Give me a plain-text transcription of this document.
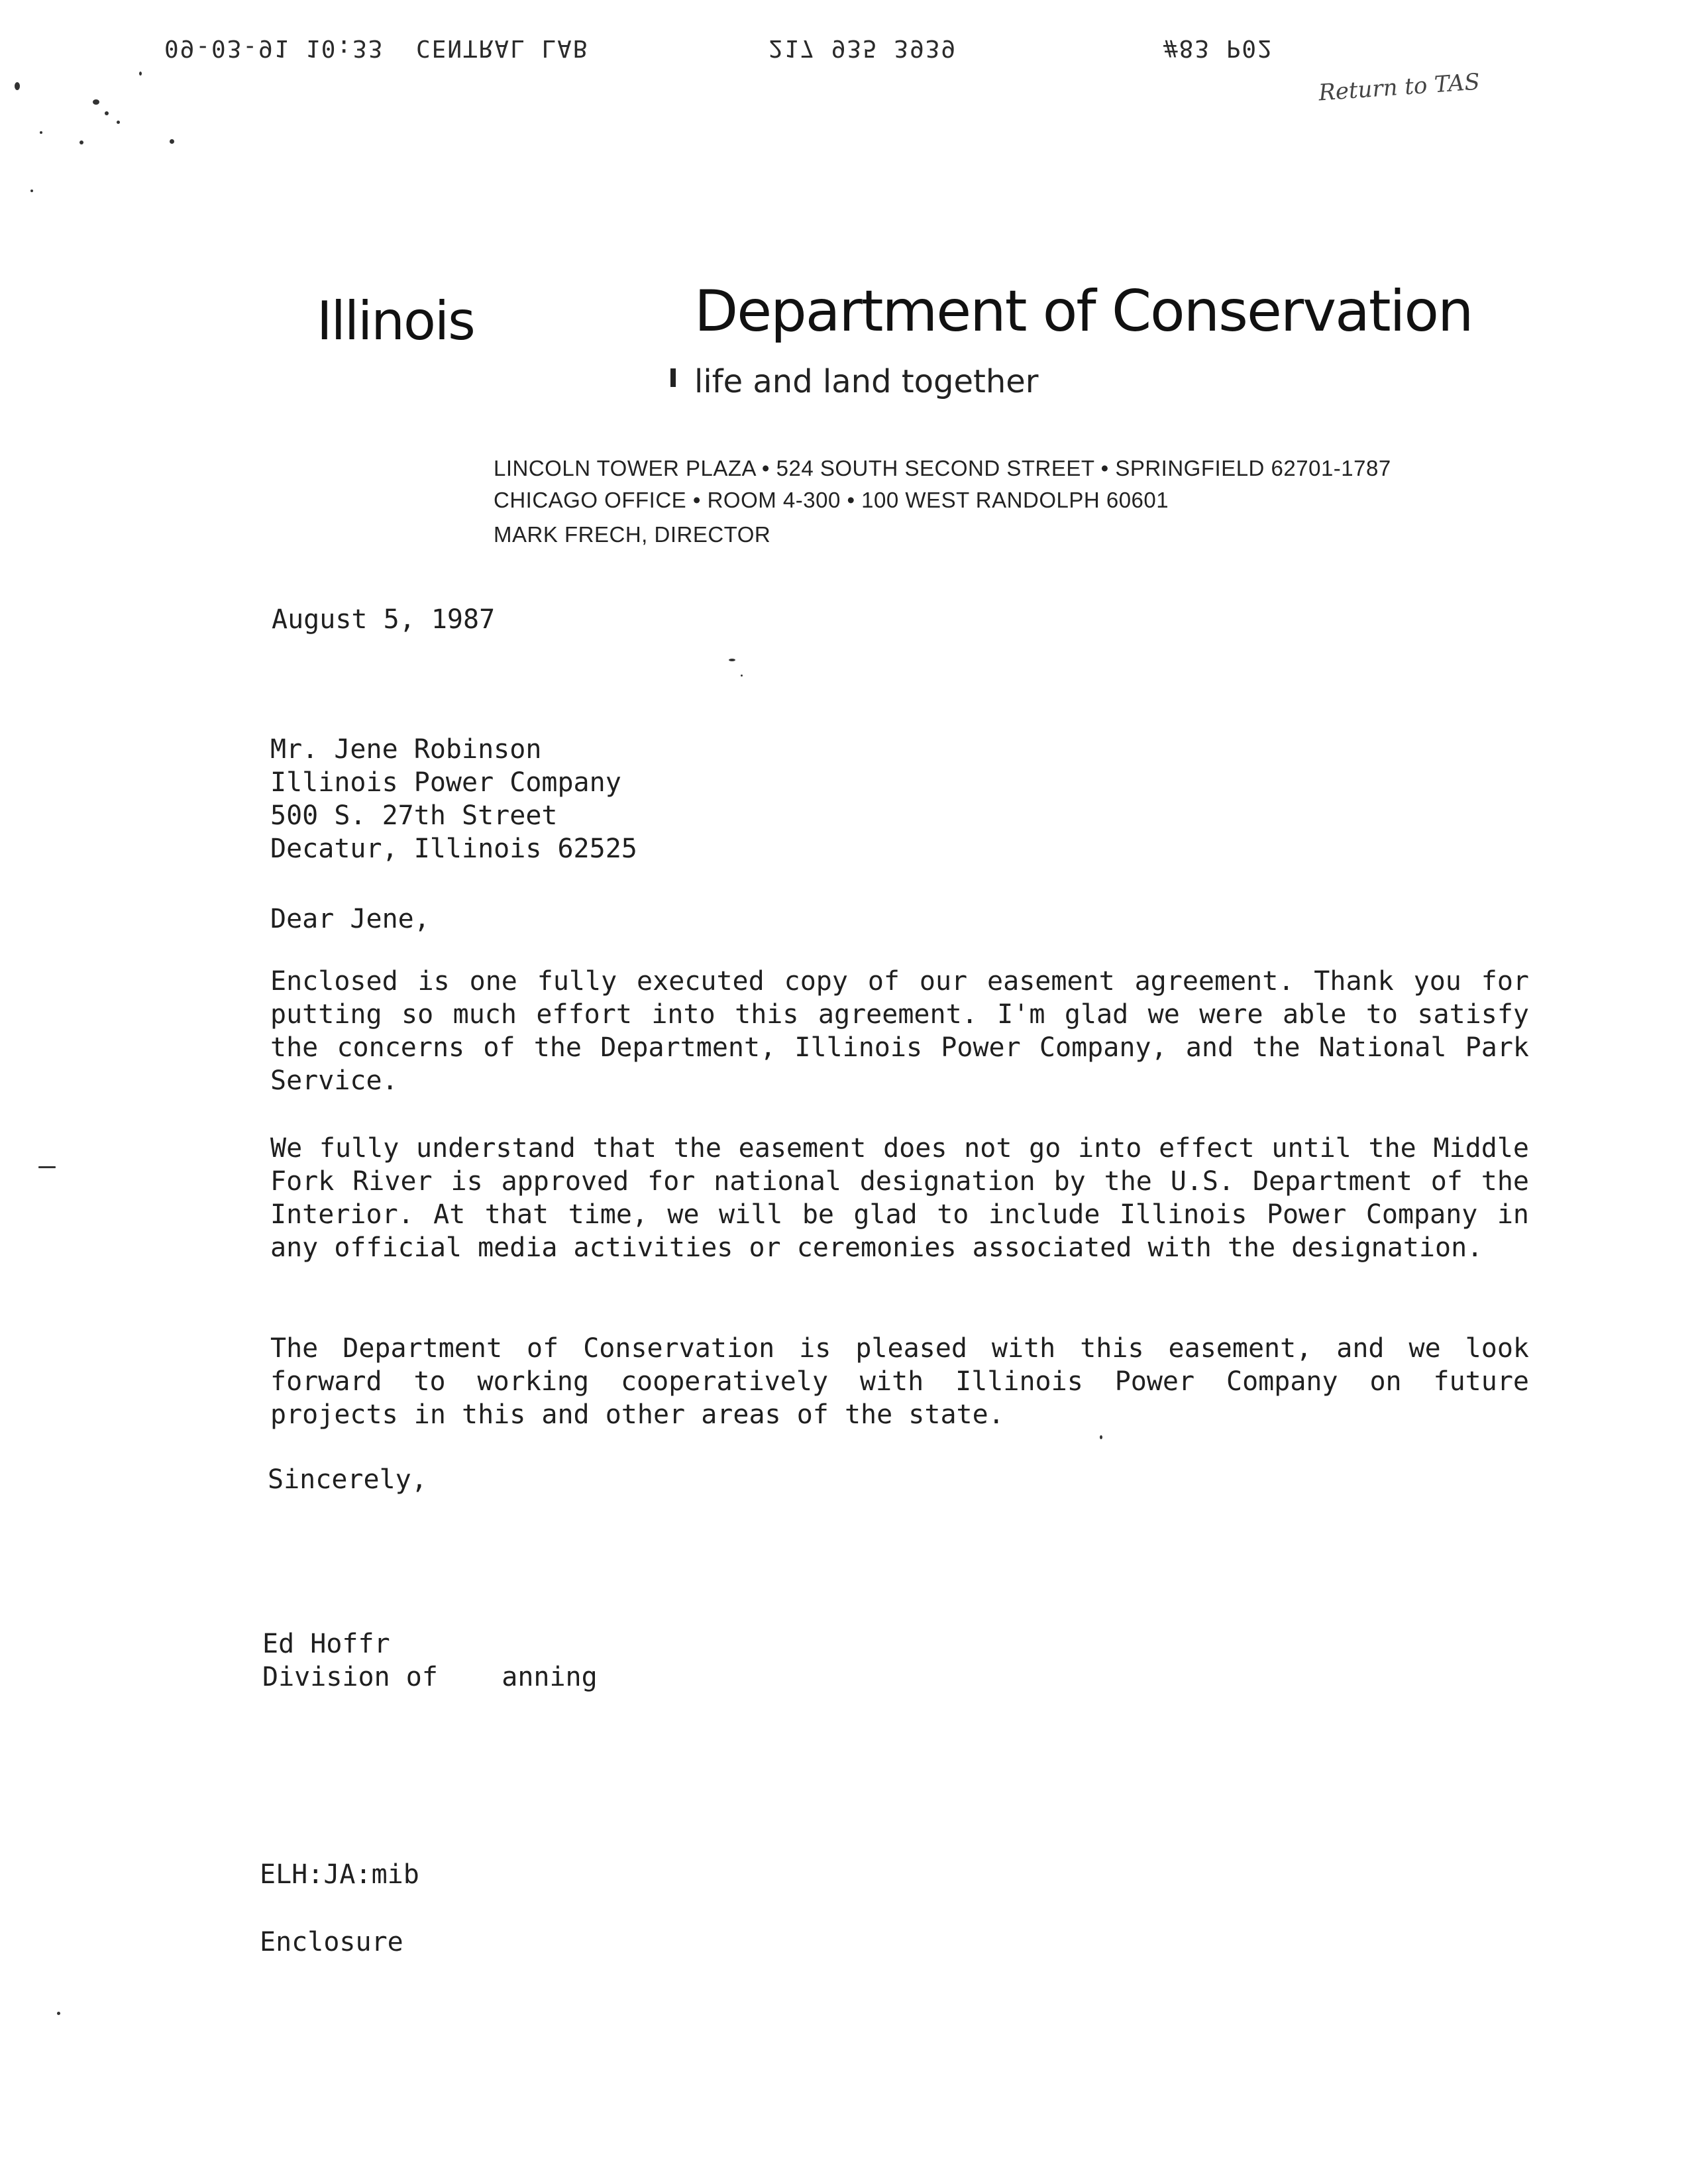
09-03-91 10:33 CENTRAL LAB	217 935 3939	#83 P02
Return to TAS
Illinois	Department of Conservation
life and land together
LINCOLN TOWER PLAZA • 524 SOUTH SECOND STREET • SPRINGFIELD 62701-1787
CHICAGO OFFICE • ROOM 4-300 • 100 WEST RANDOLPH 60601
MARK FRECH, DIRECTOR
August 5, 1987
Mr. Jene Robinson
Illinois Power Company
500 S. 27th Street
Decatur, Illinois 62525
Dear Jene,
Enclosed is one fully executed copy of our easement agreement. Thank you for putting so much effort into this agreement. I'm glad we were able to satisfy the concerns of the Department, Illinois Power Company, and the National Park Service.
We fully understand that the easement does not go into effect until the Middle Fork River is approved for national designation by the U.S. Department of the Interior. At that time, we will be glad to include Illinois Power Company in any official media activities or ceremonies associated with the designation.
The Department of Conservation is pleased with this easement, and we look forward to working cooperatively with Illinois Power Company on future projects in this and other areas of the state.
Sincerely,
Ed Hoffr
Division of    anning
ELH:JA:mib
Enclosure
